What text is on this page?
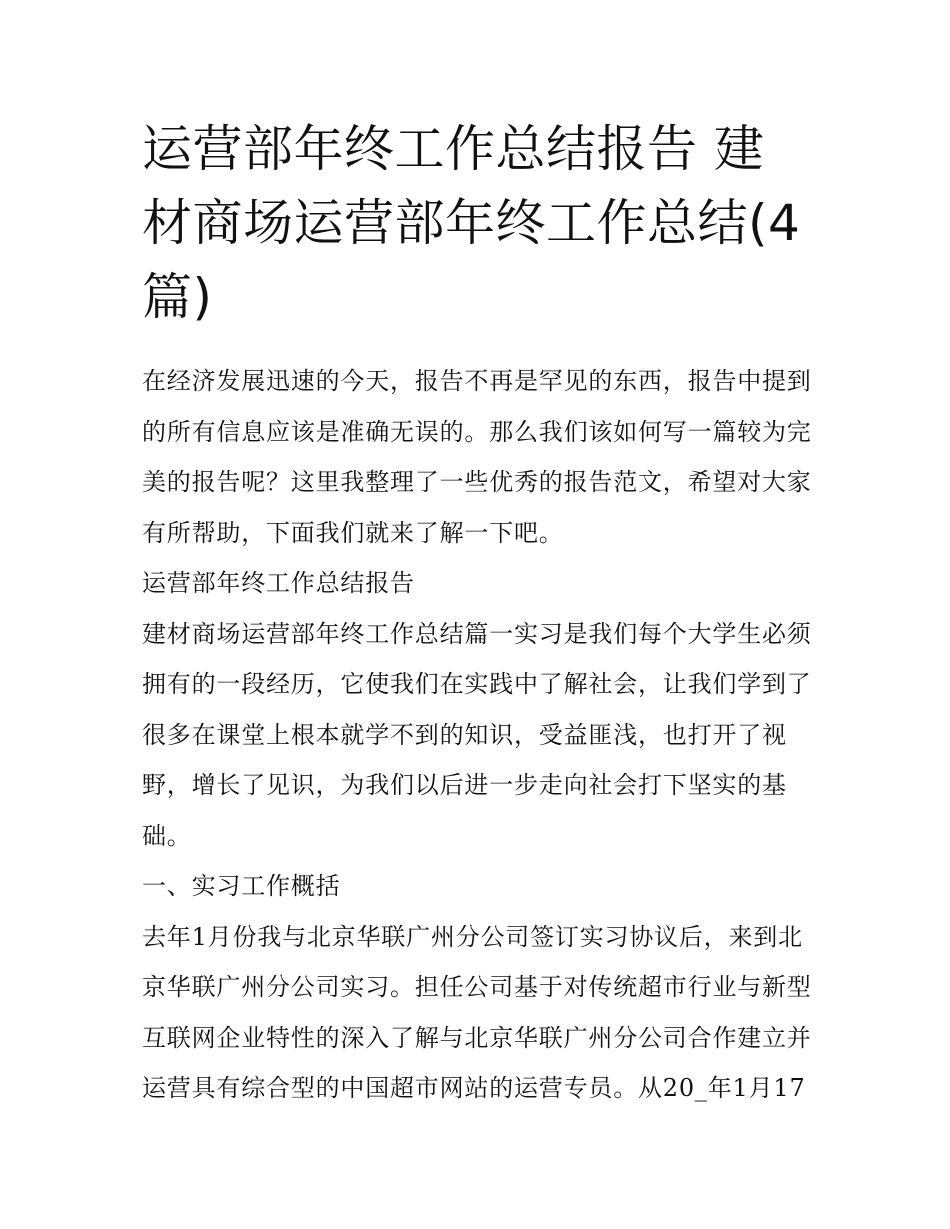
运营部年终工作总结报告 建材商场运营部年终工作总结(4篇)

在经济发展迅速的今天，报告不再是罕见的东西，报告中提到的所有信息应该是准确无误的。那么我们该如何写一篇较为完美的报告呢？这里我整理了一些优秀的报告范文，希望对大家有所帮助，下面我们就来了解一下吧。

运营部年终工作总结报告

建材商场运营部年终工作总结篇一实习是我们每个大学生必须拥有的一段经历，它使我们在实践中了解社会，让我们学到了很多在课堂上根本就学不到的知识，受益匪浅，也打开了视野，增长了见识，为我们以后进一步走向社会打下坚实的基础。

一、实习工作概括

去年1月份我与北京华联广州分公司签订实习协议后，来到北京华联广州分公司实习。担任公司基于对传统超市行业与新型互联网企业特性的深入了解与北京华联广州分公司合作建立并运营具有综合型的中国超市网站的运营专员。从20_年1月17
